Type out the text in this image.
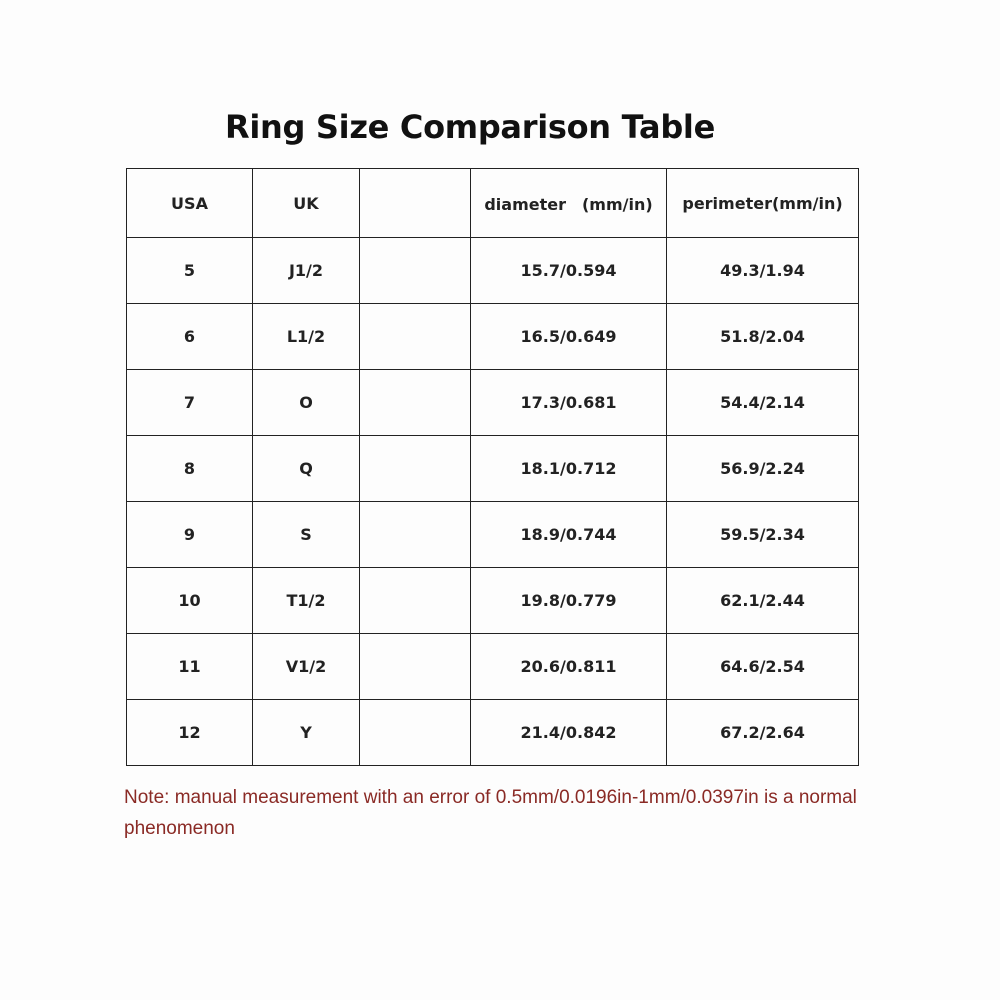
Ring Size Comparison Table
USA	UK		diameter　(mm/in)	perimeter(mm/in)
5	J1/2		15.7/0.594	49.3/1.94
6	L1/2		16.5/0.649	51.8/2.04
7	O		17.3/0.681	54.4/2.14
8	Q		18.1/0.712	56.9/2.24
9	S		18.9/0.744	59.5/2.34
10	T1/2		19.8/0.779	62.1/2.44
11	V1/2		20.6/0.811	64.6/2.54
12	Y		21.4/0.842	67.2/2.64
Note: manual measurement with an error of 0.5mm/0.0196in-1mm/0.0397in is a normal phenomenon
